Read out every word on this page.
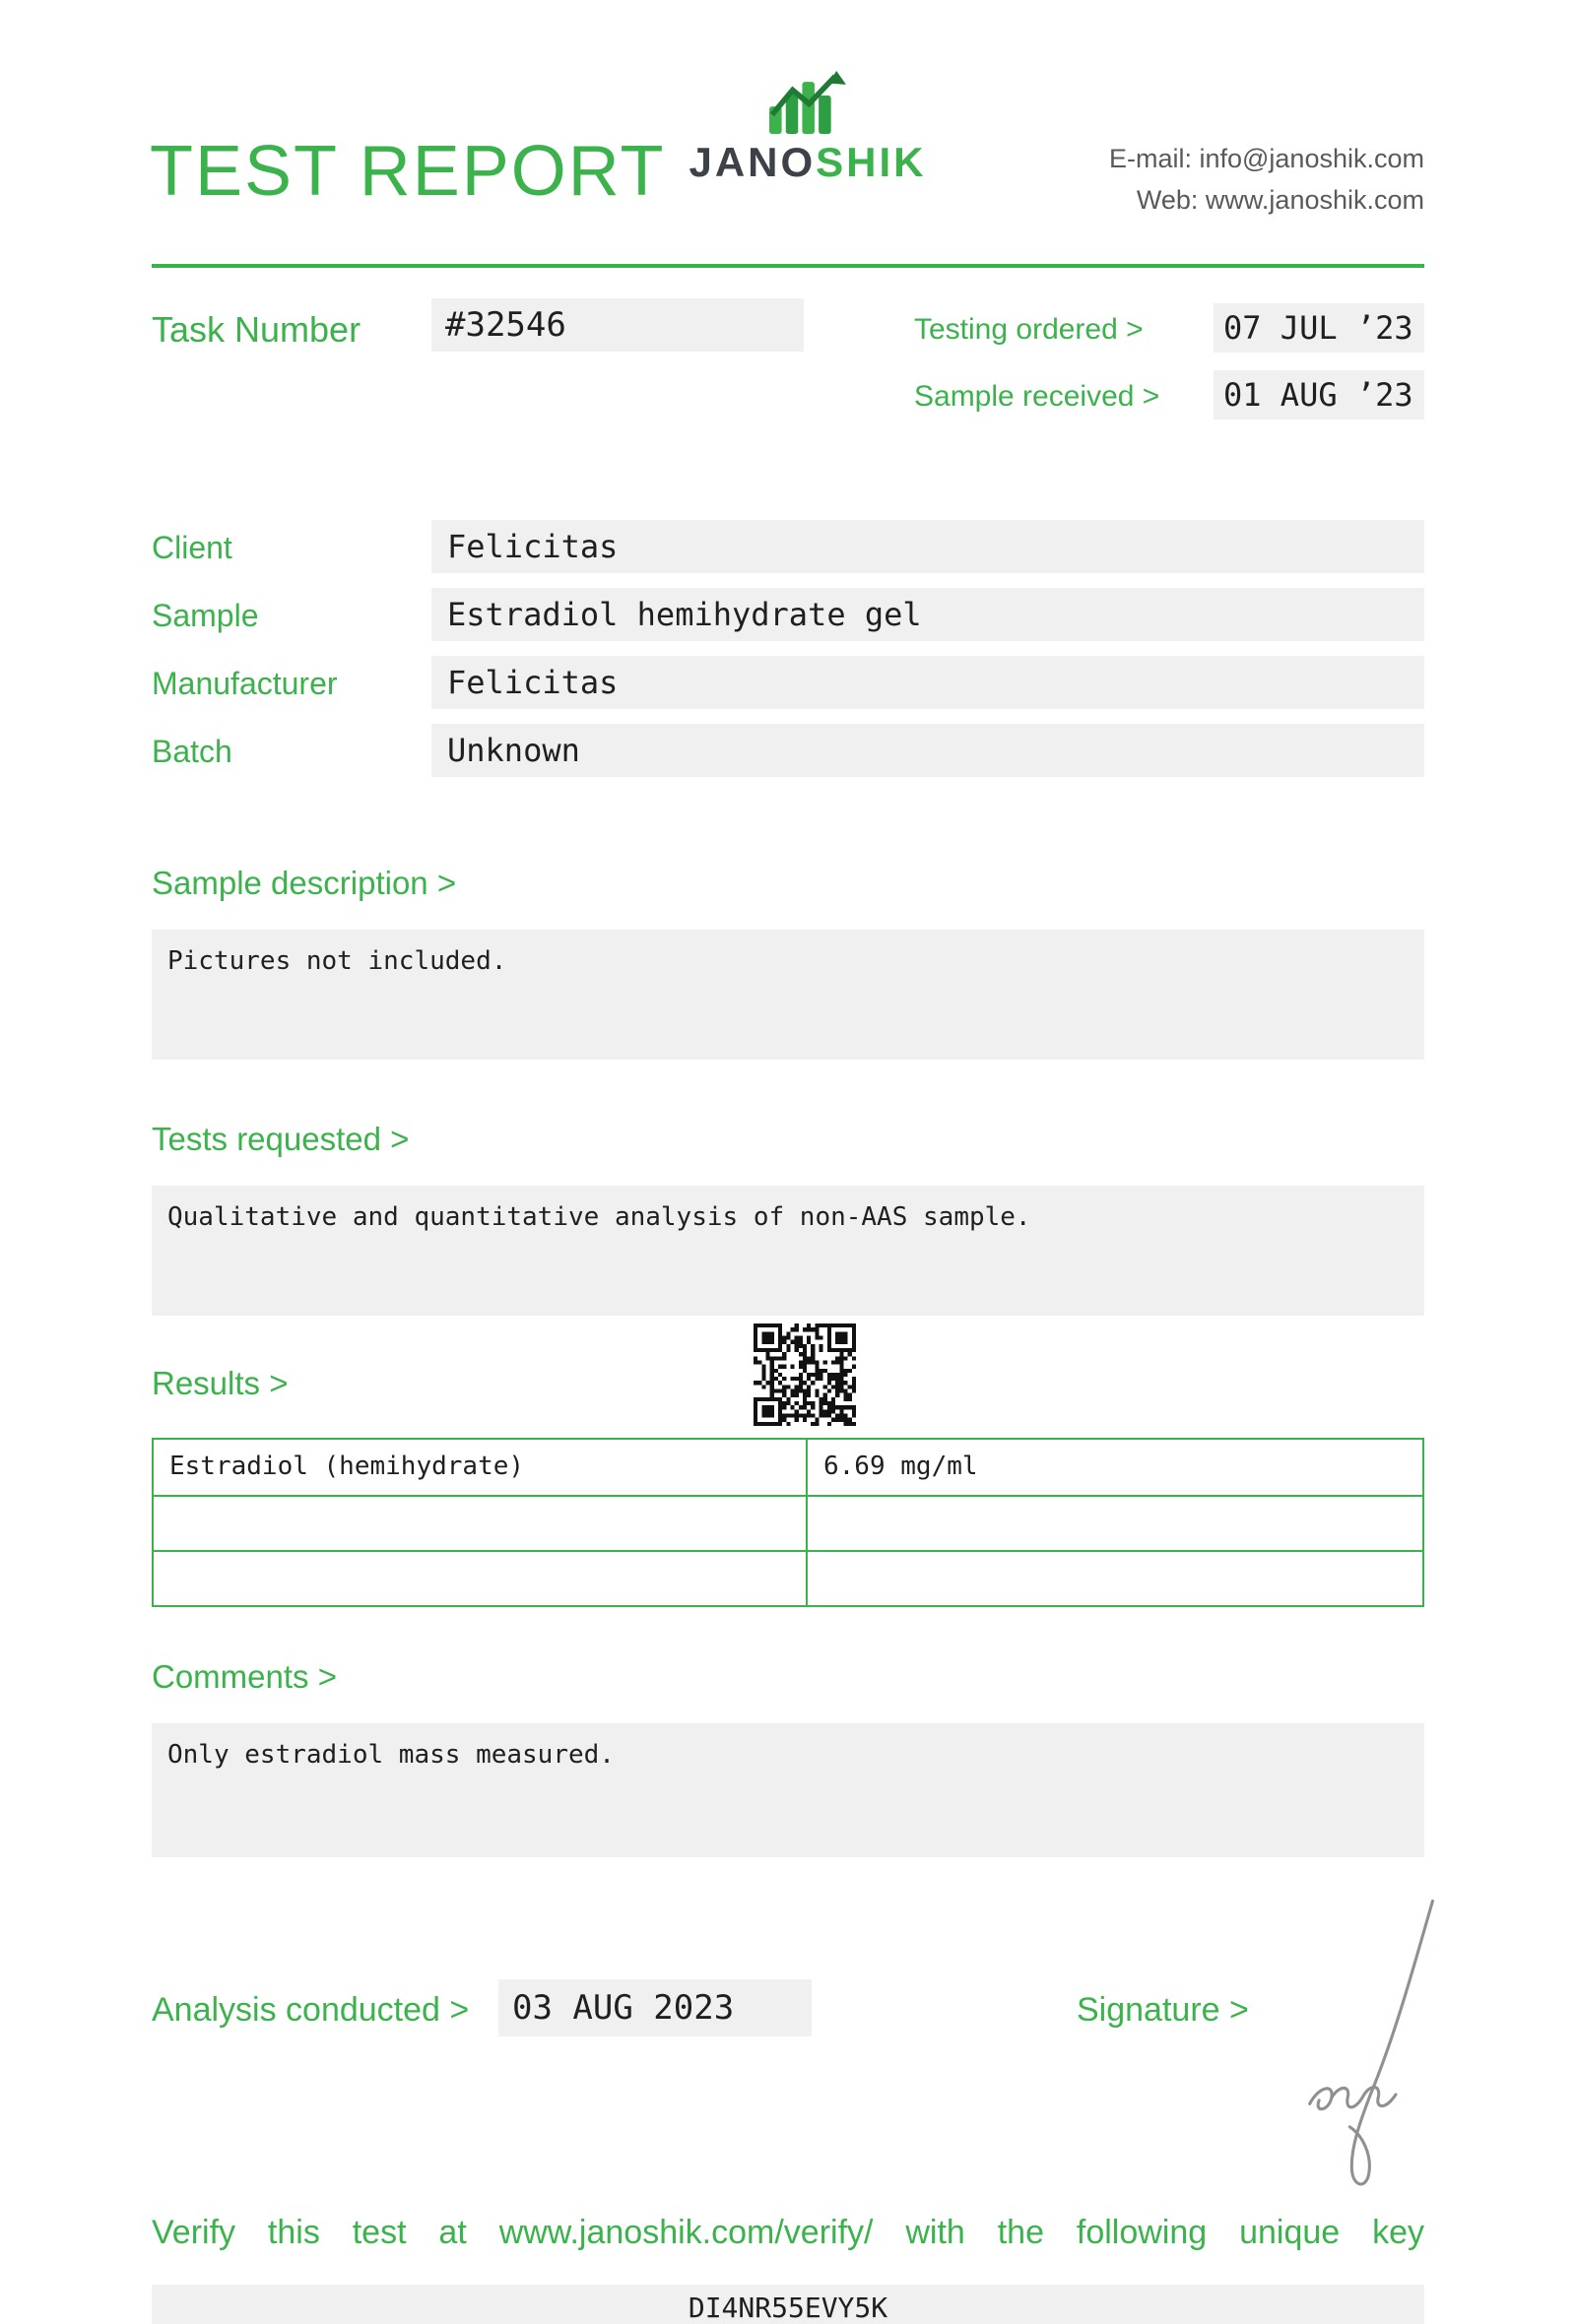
TEST REPORT JANOSHIK	E-mail: info@janoshik.com
Web: www.janoshik.com
Task Number	#32546	Testing ordered >	07 JUL ’23
Sample received >	01 AUG ’23
Client	Felicitas
Sample	Estradiol hemihydrate gel
Manufacturer	Felicitas
Batch	Unknown
Sample description >
Pictures not included.
Tests requested >
Qualitative and quantitative analysis of non-AAS sample.
Results >
Estradiol (hemihydrate)	6.69 mg/ml
Comments >
Only estradiol mass measured.
Analysis conducted >	03 AUG 2023	Signature >
Verify this test at www.janoshik.com/verify/ with the following unique key
DI4NR55EVY5K
